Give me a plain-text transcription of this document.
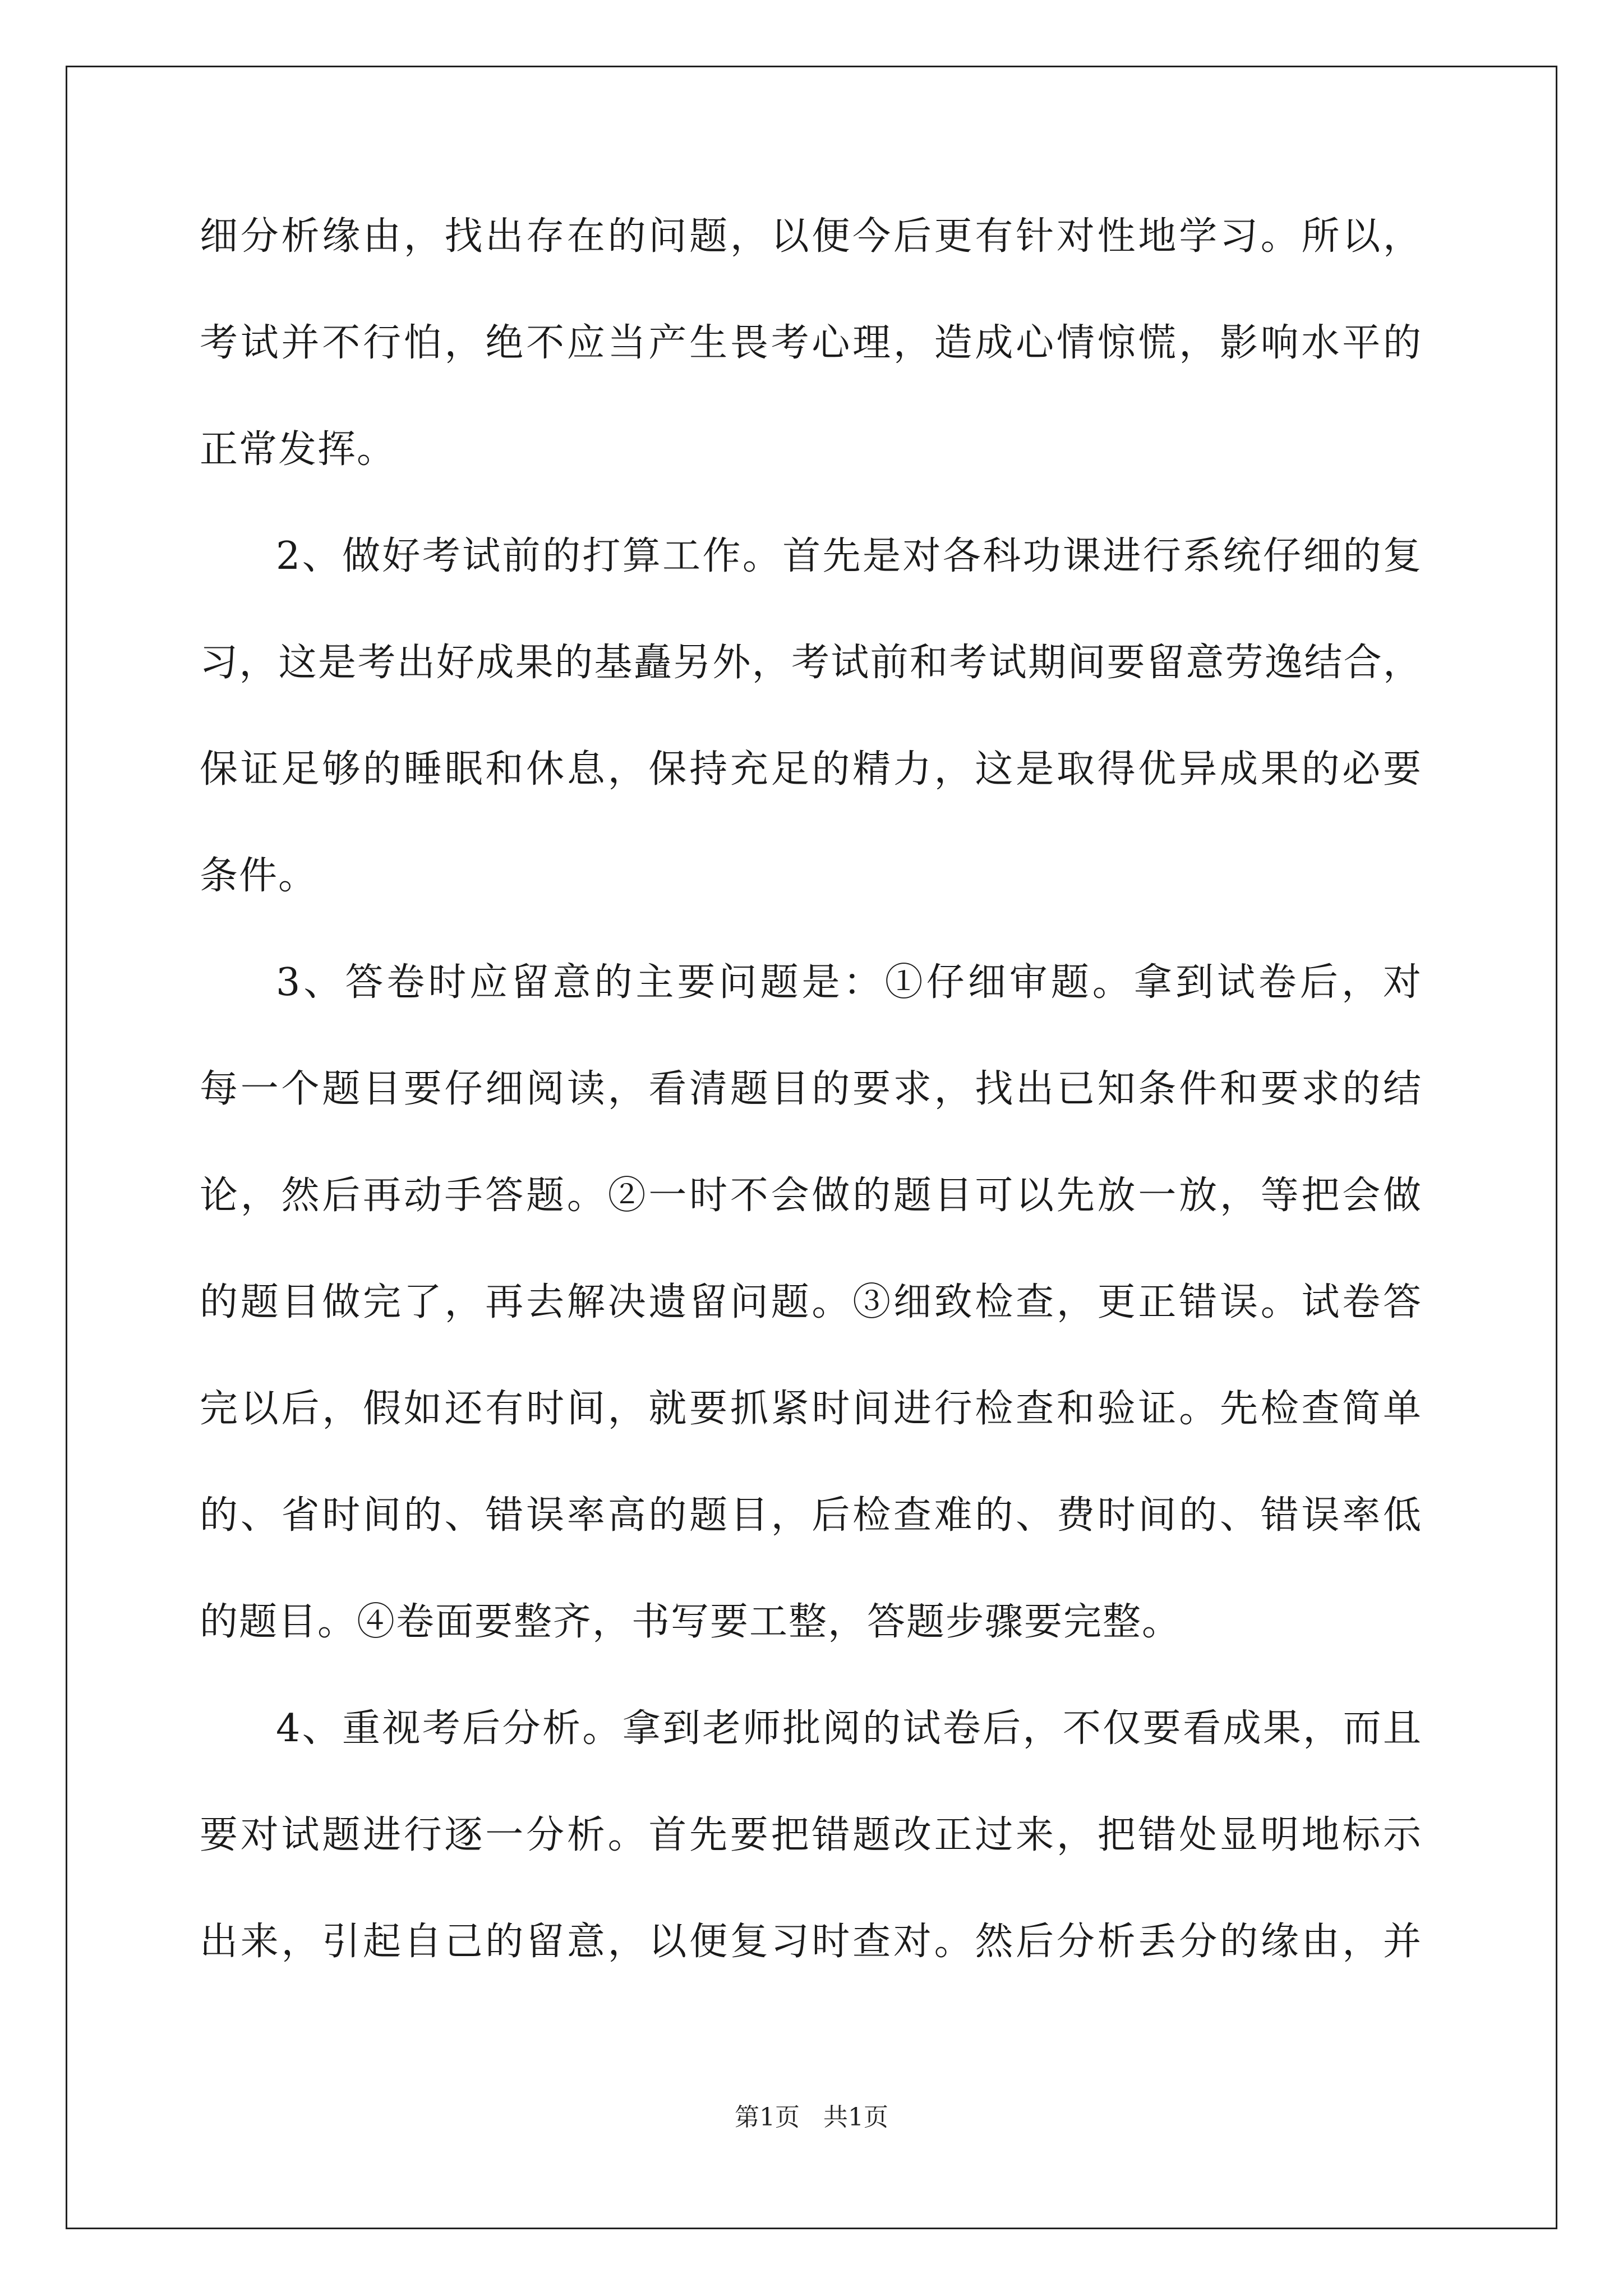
细分析缘由，找出存在的问题，以便今后更有针对性地学习。所以，
考试并不行怕，绝不应当产生畏考心理，造成心情惊慌，影响水平的
正常发挥。
2、做好考试前的打算工作。首先是对各科功课进行系统仔细的复
习，这是考出好成果的基矗另外，考试前和考试期间要留意劳逸结合，
保证足够的睡眠和休息，保持充足的精力，这是取得优异成果的必要
条件。
3、答卷时应留意的主要问题是：①仔细审题。拿到试卷后，对
每一个题目要仔细阅读，看清题目的要求，找出已知条件和要求的结
论，然后再动手答题。②一时不会做的题目可以先放一放，等把会做
的题目做完了，再去解决遗留问题。③细致检查，更正错误。试卷答
完以后，假如还有时间，就要抓紧时间进行检查和验证。先检查简单
的、省时间的、错误率高的题目，后检查难的、费时间的、错误率低
的题目。④卷面要整齐，书写要工整，答题步骤要完整。
4、重视考后分析。拿到老师批阅的试卷后，不仅要看成果，而且
要对试题进行逐一分析。首先要把错题改正过来，把错处显明地标示
出来，引起自己的留意，以便复习时查对。然后分析丢分的缘由，并
第1页   共1页
